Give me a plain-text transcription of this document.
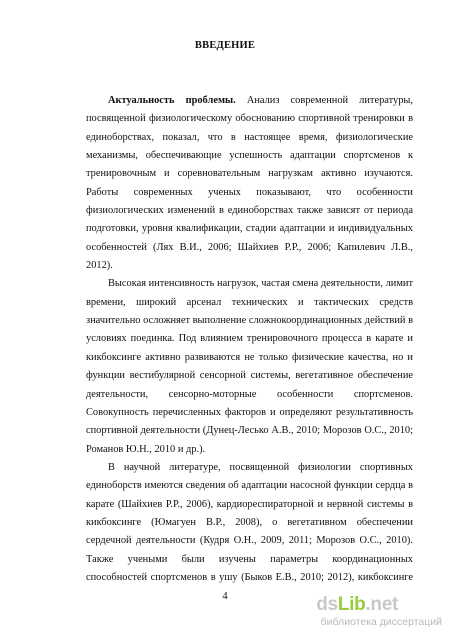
ВВЕДЕНИЕ

Актуальность проблемы. Анализ современной литературы, посвященной физиологическому обоснованию спортивной тренировки в единоборствах, показал, что в настоящее время, физиологические механизмы, обеспечивающие успешность адаптации спортсменов к тренировочным и соревновательным нагрузкам активно изучаются. Работы современных ученых показывают, что особенности физиологических изменений в единоборствах также зависят от периода подготовки, уровня квалификации, стадии адаптации и индивидуальных особенностей (Лях В.И., 2006; Шайхиев Р.Р., 2006; Капилевич Л.В., 2012).

Высокая интенсивность нагрузок, частая смена деятельности, лимит времени, широкий арсенал технических и тактических средств значительно осложняет выполнение сложнокоординационных действий в условиях поединка. Под влиянием тренировочного процесса в карате и кикбоксинге активно развиваются не только физические качества, но и функции вестибулярной сенсорной системы, вегетативное обеспечение деятельности, сенсорно-моторные особенности спортсменов. Совокупность перечисленных факторов и определяют результативность спортивной деятельности (Дунец-Лесько А.В., 2010; Морозов О.С., 2010; Романов Ю.Н., 2010 и др.).

В научной литературе, посвященной физиологии спортивных единоборств имеются сведения об адаптации насосной функции сердца в карате (Шайхиев Р.Р., 2006), кардиореспираторной и нервной системы в кикбоксинге (Юмагуен В.Р., 2008), о вегетативном обеспечении сердечной деятельности (Кудря О.Н., 2009, 2011; Морозов О.С., 2010). Также учеными были изучены параметры координационных способностей спортсменов в ушу (Быков Е.В., 2010; 2012), кикбоксинге

4	dsLib.net
библиотека диссертаций
